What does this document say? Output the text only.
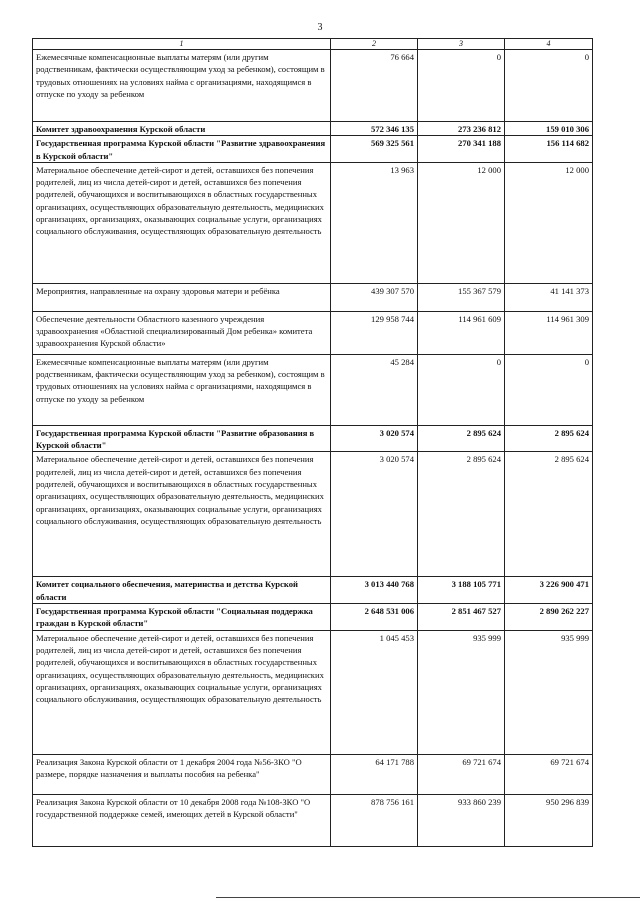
3
1	2	3	4
Ежемесячные компенсационные выплаты матерям (или другим родственникам, фактически осуществляющим уход за ребенком), состоящим в трудовых отношениях на условиях найма с организациями, находящимся в отпуске по уходу за ребенком	76 664	0	0
Комитет здравоохранения Курской области	572 346 135	273 236 812	159 010 306
Государственная программа Курской области "Развитие здравоохранения в Курской области"	569 325 561	270 341 188	156 114 682
Материальное обеспечение детей-сирот и детей, оставшихся без попечения родителей, лиц из числа детей-сирот и детей, оставшихся без попечения родителей, обучающихся и воспитывающихся в областных государственных организациях, осуществляющих образовательную деятельность, медицинских организациях, организациях, оказывающих социальные услуги, организациях социального обслуживания, осуществляющих образовательную деятельность	13 963	12 000	12 000
Мероприятия, направленные на охрану здоровья матери и ребёнка	439 307 570	155 367 579	41 141 373
Обеспечение деятельности Областного казенного учреждения здравоохранения «Областной специализированный Дом ребенка» комитета здравоохранения Курской области»	129 958 744	114 961 609	114 961 309
Ежемесячные компенсационные выплаты матерям (или другим родственникам, фактически осуществляющим уход за ребенком), состоящим в трудовых отношениях на условиях найма с организациями, находящимся в отпуске по уходу за ребенком	45 284	0	0
Государственная программа Курской области "Развитие образования в Курской области"	3 020 574	2 895 624	2 895 624
Материальное обеспечение детей-сирот и детей, оставшихся без попечения родителей, лиц из числа детей-сирот и детей, оставшихся без попечения родителей, обучающихся и воспитывающихся в областных государственных организациях, осуществляющих образовательную деятельность, медицинских организациях, организациях, оказывающих социальные услуги, организациях социального обслуживания, осуществляющих образовательную деятельность	3 020 574	2 895 624	2 895 624
Комитет социального обеспечения, материнства и детства Курской области	3 013 440 768	3 188 105 771	3 226 900 471
Государственная программа Курской области "Социальная поддержка граждан в Курской области"	2 648 531 006	2 851 467 527	2 890 262 227
Материальное обеспечение детей-сирот и детей, оставшихся без попечения родителей, лиц из числа детей-сирот и детей, оставшихся без попечения родителей, обучающихся и воспитывающихся в областных государственных организациях, осуществляющих образовательную деятельность, медицинских организациях, организациях, оказывающих социальные услуги, организациях социального обслуживания, осуществляющих образовательную деятельность	1 045 453	935 999	935 999
Реализация Закона Курской области от 1 декабря 2004 года №56-ЗКО "О размере, порядке назначения и выплаты пособия на ребенка"	64 171 788	69 721 674	69 721 674
Реализация Закона Курской области от 10 декабря 2008 года №108-ЗКО "О государственной поддержке семей, имеющих детей в Курской области"	878 756 161	933 860 239	950 296 839
